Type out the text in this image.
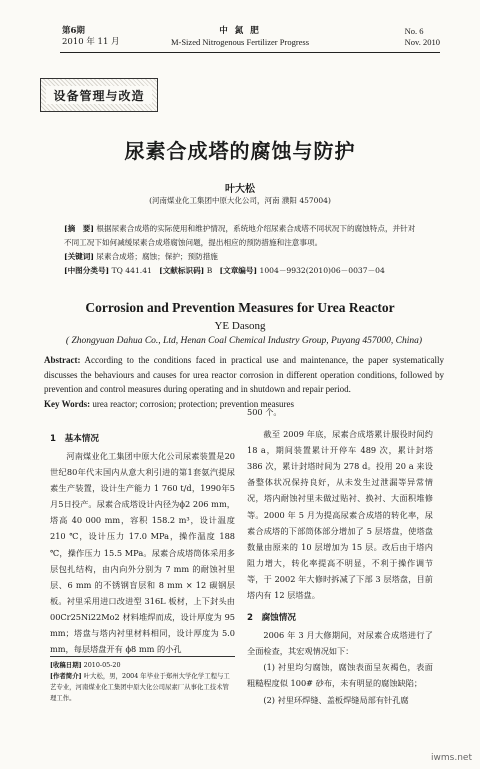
第6期
2010 年 11 月
中 氮 肥
M-Sized Nitrogenous Fertilizer Progress
No. 6
Nov. 2010
设备管理与改造
尿素合成塔的腐蚀与防护
叶大松
(河南煤业化工集团中原大化公司，河南 濮阳 457004)
[摘　要] 根据尿素合成塔的实际使用和维护情况，系统地介绍尿素合成塔不同状况下的腐蚀特点，并针对不同工况下如何减缓尿素合成塔腐蚀问题，提出相应的预防措施和注意事项。
[关键词] 尿素合成塔；腐蚀；保护；预防措施
[中图分类号] TQ 441.41 [文献标识码] B [文章编号] 1004－9932(2010)06－0037－04
Corrosion and Prevention Measures for Urea Reactor
YE Dasong
( Zhongyuan Dahua Co., Ltd, Henan Coal Chemical Industry Group, Puyang 457000, China)
Abstract: According to the conditions faced in practical use and maintenance, the paper systematically discusses the behaviours and causes for urea reactor corrosion in different operation conditions, followed by prevention and control measures during operating and in shutdown and repair period.
Key Words: urea reactor; corrosion; protection; prevention measures
1　基本情况

河南煤业化工集团中原大化公司尿素装置是20世纪80年代末国内从意大利引进的第1套氨汽提尿素生产装置，设计生产能力 1 760 t/d，1990年5月5日投产。尿素合成塔设计内径为ϕ2 206 mm，塔高 40 000 mm，容积 158.2 m³，设计温度 210 ℃，设计压力 17.0 MPa，操作温度 188 ℃，操作压力 15.5 MPa。尿素合成塔筒体采用多层包扎结构，由内向外分别为 7 mm 的耐蚀衬里层、6 mm 的不锈钢盲层和 8 mm × 12 碳钢层板。衬里采用进口改进型 316L 板材，上下封头由00Cr25Ni22Mo2 材料堆焊而成，设计厚度为 95 mm；塔盘与塔内衬里材料相同，设计厚度为 5.0 mm，每层塔盘开有 ϕ8 mm 的小孔

500 个。

截至 2009 年底，尿素合成塔累计服役时间约 18 a，期间装置累计开停车 489 次，累计封塔 386 次，累计封塔时间为 278 d。投用 20 a 来设备整体状况保持良好，从未发生过泄漏等异常情况，塔内耐蚀衬里未做过贴衬、换衬、大面积堆修等。2000 年 5 月为提高尿素合成塔的转化率，尿素合成塔的下部筒体部分增加了 5 层塔盘，使塔盘数量由原来的 10 层增加为 15 层。改后由于塔内阻力增大，转化率提高不明显，不利于操作调节等，于 2002 年大修时拆减了下部 3 层塔盘，目前塔内有 12 层塔盘。

2　腐蚀情况

2006 年 3 月大修期间，对尿素合成塔进行了全面检查，其宏观情况如下：

(1) 衬里均匀腐蚀，腐蚀表面呈灰褐色，表面粗糙程度似 100# 砂布，未有明显的腐蚀缺陷；

(2) 衬里环焊缝、盖板焊缝局部有针孔腐

[收稿日期] 2010-05-20
[作者简介] 叶大松，男，2004 年毕业于郑州大学化学工程与工艺专业，河南煤业化工集团中原大化公司尿素厂从事化工技术管理工作。
iwms.net
